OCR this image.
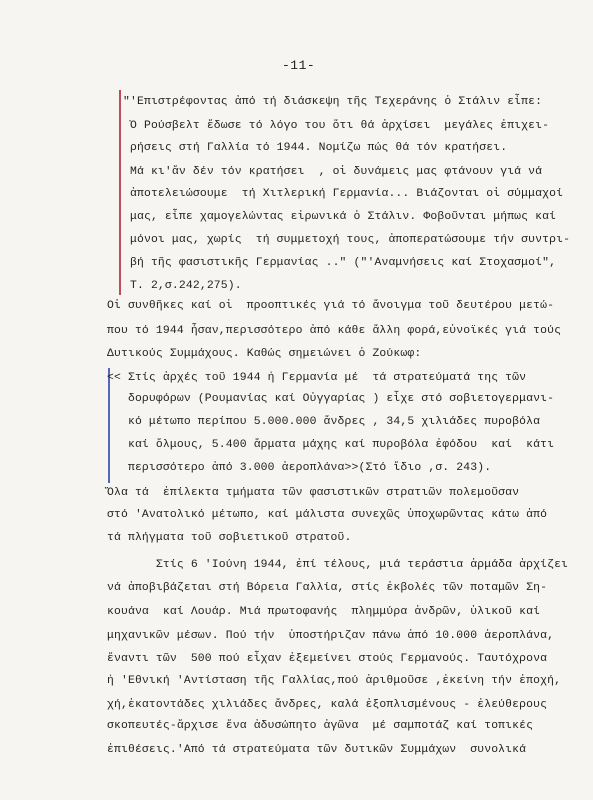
-11-
"'Επιστρέφοντας ἀπό τή διάσκεψη τῆς Τεχεράνης ὁ Στάλιν εἶπε:
Ὁ Ρούσβελτ ἔδωσε τό λόγο του ὅτι θά ἀρχίσει  μεγάλες ἐπιχει-
ρήσεις στή Γαλλία τό 1944. Νομίζω πώς θά τόν κρατήσει.
Μά κι'ἄν δέν τόν κρατήσει  , οἱ δυνάμεις μας φτάνουν γιά νά
ἀποτελειώσουμε  τή Χιτλερική Γερμανία... Βιάζονται οἱ σύμμαχοί
μας, εἶπε χαμογελώντας εἰρωνικά ὁ Στάλιν. Φοβοῦνται μήπως καί
μόνοι μας, χωρίς  τή συμμετοχή τους, ἀποπερατώσουμε τήν συντρι-
βή τῆς φασιστικῆς Γερμανίας .." ("'Αναμνήσεις καί Στοχασμοί",
Τ. 2,σ.242,275).
Οἱ συνθῆκες καί οἱ  προοπτικές γιά τό ἄνοιγμα τοῦ δευτέρου μετώ-
που τό 1944 ἦσαν,περισσότερο ἀπό κάθε ἄλλη φορά,εὐνοϊκές γιά τούς
Δυτικούς Συμμάχους. Καθώς σημειώνει ὁ Ζούκωφ:
<< Στίς ἀρχές τοῦ 1944 ἡ Γερμανία μέ  τά στρατεύματά της τῶν
δορυφόρων (Ρουμανίας καί Οὐγγαρίας ) εἶχε στό σοβιετογερμανι-
κό μέτωπο περίπου 5.000.000 ἄνδρες , 34,5 χιλιάδες πυροβόλα
καί ὅλμους, 5.400 ἅρματα μάχης καί πυροβόλα ἐφόδου  καί  κάτι
περισσότερο ἀπό 3.000 ἀεροπλάνα>>(Στό ἴδιο ,σ. 243).
Ὅλα τά  ἐπίλεκτα τμήματα τῶν φασιστικῶν στρατιῶν πολεμοῦσαν
στό 'Ανατολικό μέτωπο, καί μάλιστα συνεχῶς ὑποχωρῶντας κάτω ἀπό
τά πλήγματα τοῦ σοβιετικοῦ στρατοῦ.
Στίς 6 'Ιούνη 1944, ἐπί τέλους, μιά τεράστια ἀρμάδα ἀρχίζει
νά ἀποβιβάζεται στή Βόρεια Γαλλία, στίς ἐκβολές τῶν ποταμῶν Ση-
κουάνα  καί Λουάρ. Μιά πρωτοφανής  πλημμύρα ἀνδρῶν, ὑλικοῦ καί
μηχανικῶν μέσων. Πού τήν  ὑποστήριζαν πάνω ἀπό 10.000 ἀεροπλάνα,
ἔναντι τῶν  500 πού εἶχαν ἐξεμείνει στούς Γερμανούς. Ταυτόχρονα
ἡ 'Εθνική 'Αντίσταση τῆς Γαλλίας,πού ἀριθμοῦσε ,ἐκείνη τήν ἐποχή,
χή,ἑκατοντάδες χιλιάδες ἄνδρες, καλά ἐξοπλισμένους - ἐλεύθερους
σκοπευτές-ἄρχισε ἕνα ἀδυσώπητο ἀγῶνα  μέ σαμποτάζ καί τοπικές
ἐπιθέσεις.'Από τά στρατεύματα τῶν δυτικῶν Συμμάχων  συνολικά
